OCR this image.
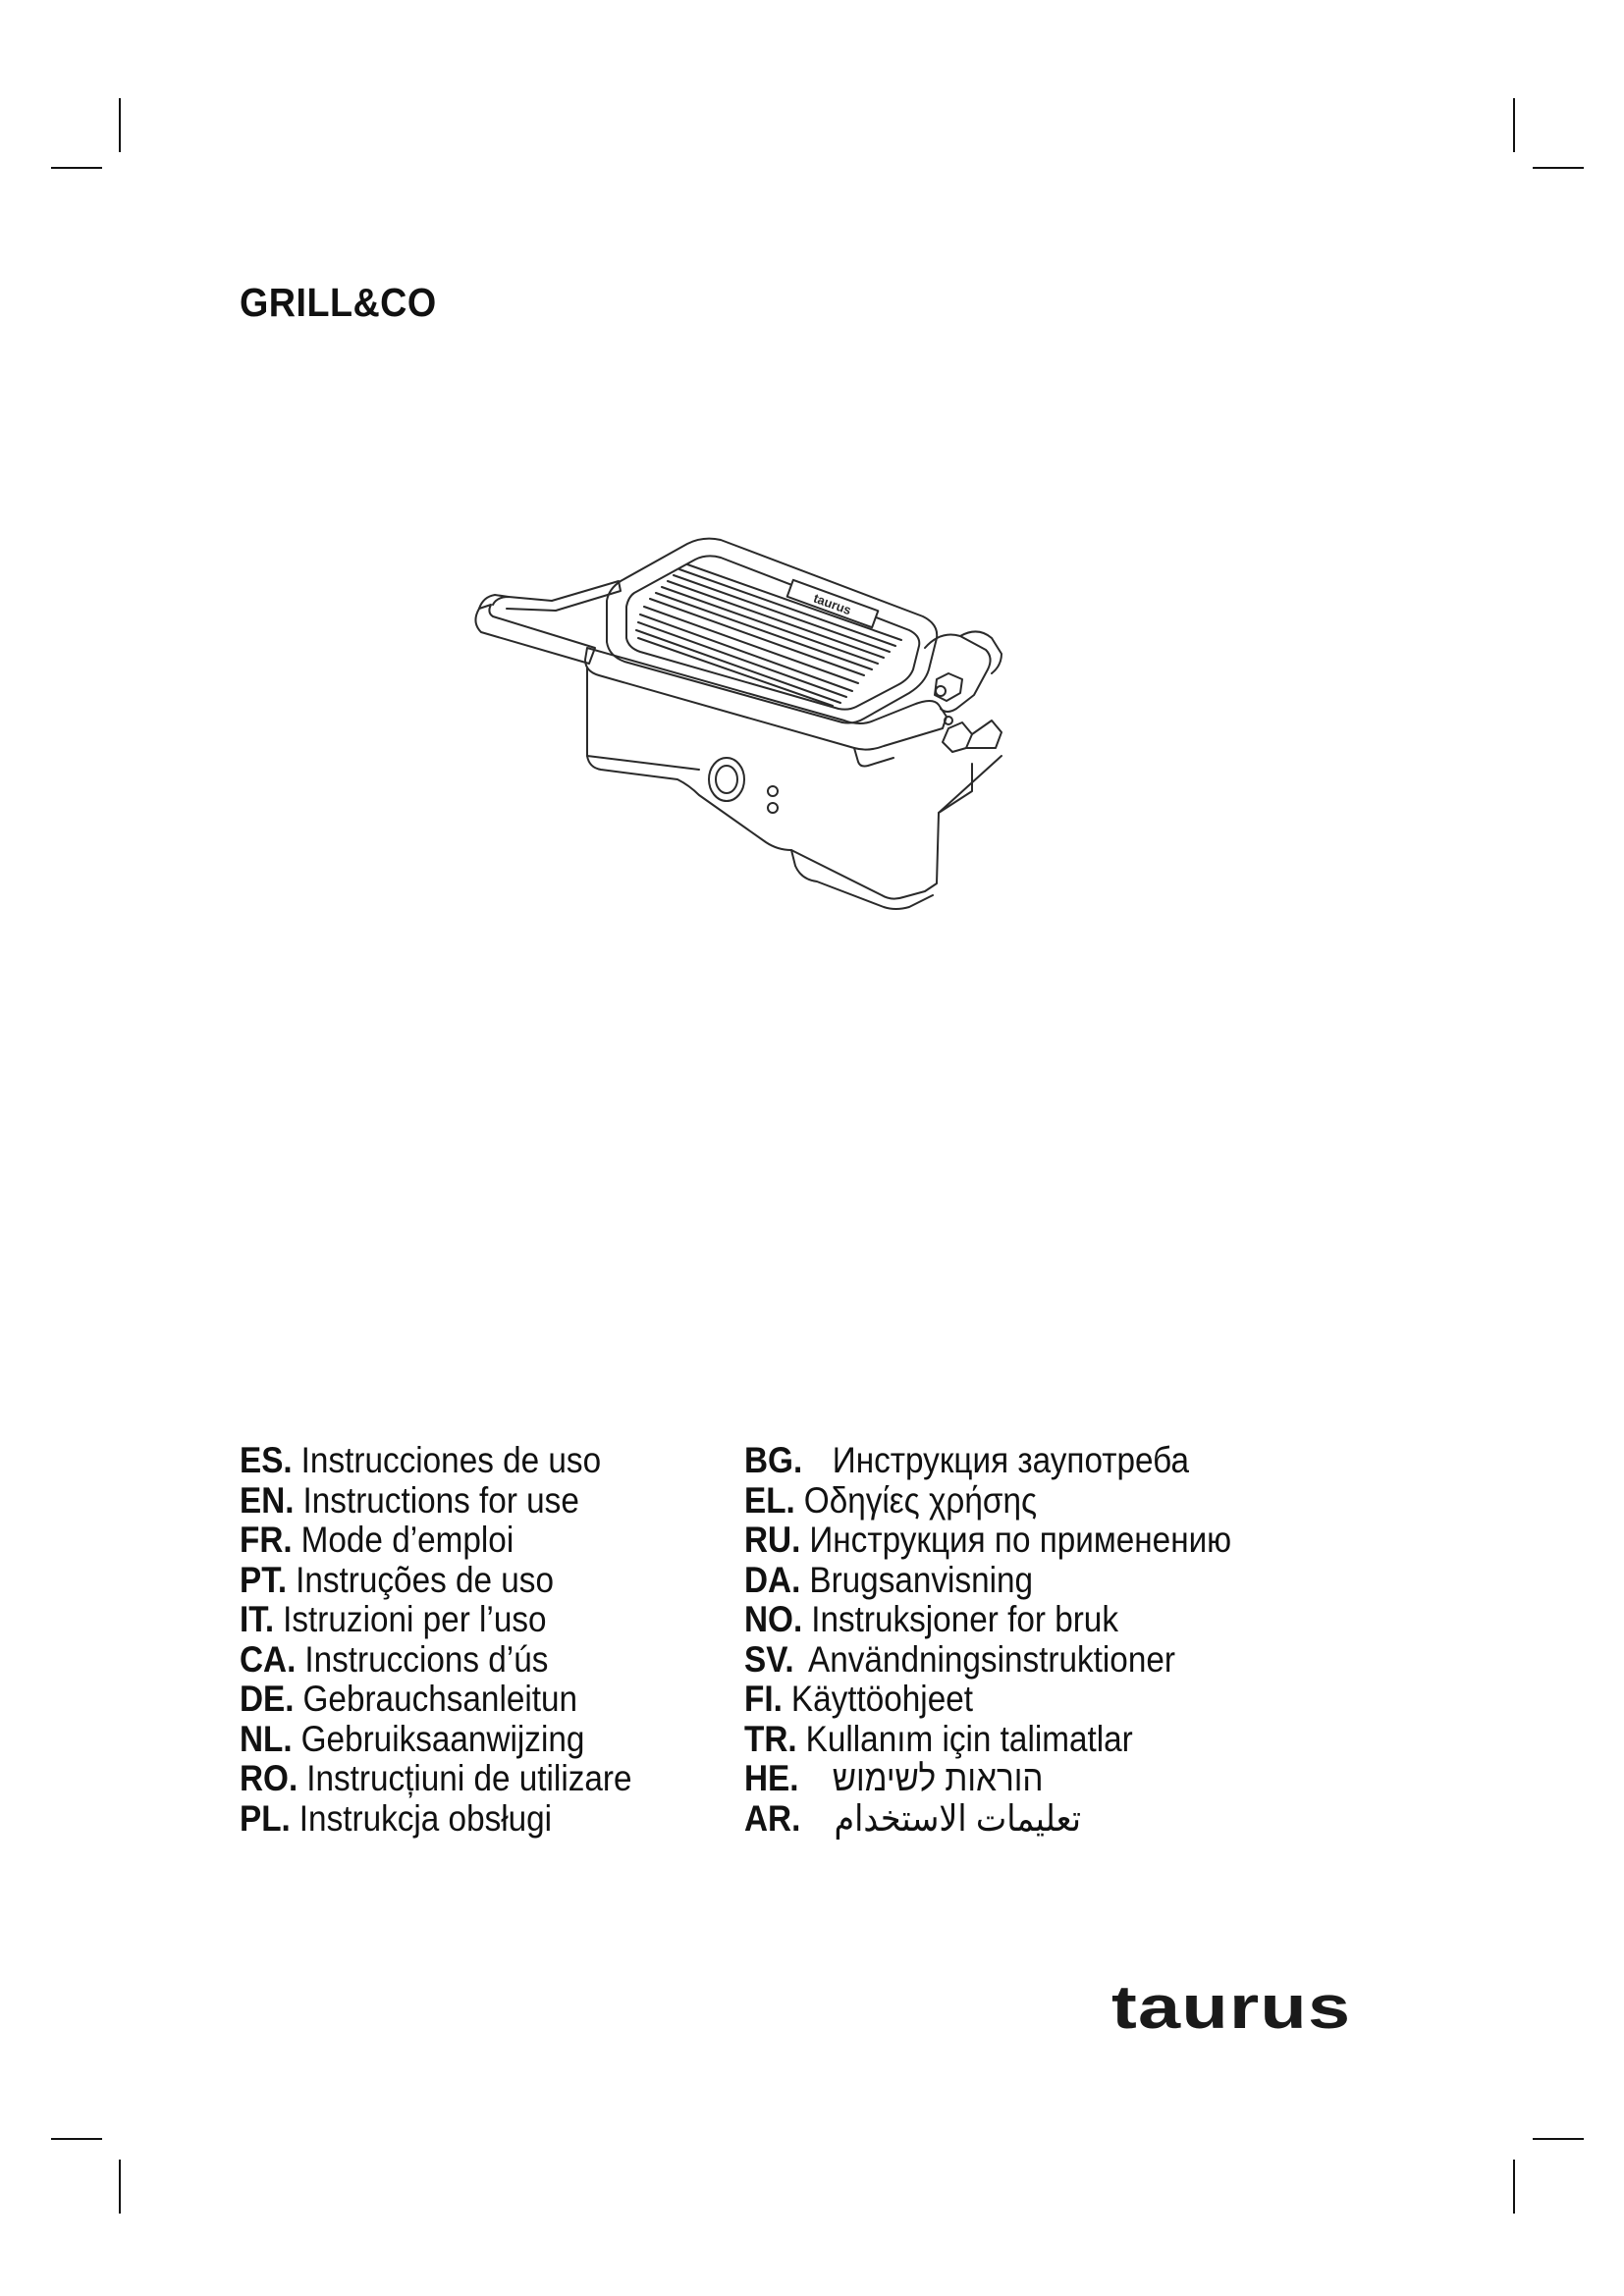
GRILL&CO
taurus
ES. Instrucciones de uso
EN. Instructions for use
FR. Mode d’emploi
PT. Instruções de uso
IT. Istruzioni per l’uso
CA. Instruccions d’ús
DE. Gebrauchsanleitun
NL. Gebruiksaanwijzing
RO. Instrucțiuni de utilizare
PL. Instrukcja obsługi
BG. Инструкция заупотреба
EL. Οδηγίες χρήσης
RU. Инструкция по применению
DA. Brugsanvisning
NO. Instruksjoner for bruk
SV. Användningsinstruktioner
FI. Käyttöohjeet
TR. Kullanım için talimatlar
HE. הוראות לשימוש
AR. تعليمات الاستخدام
taurus
